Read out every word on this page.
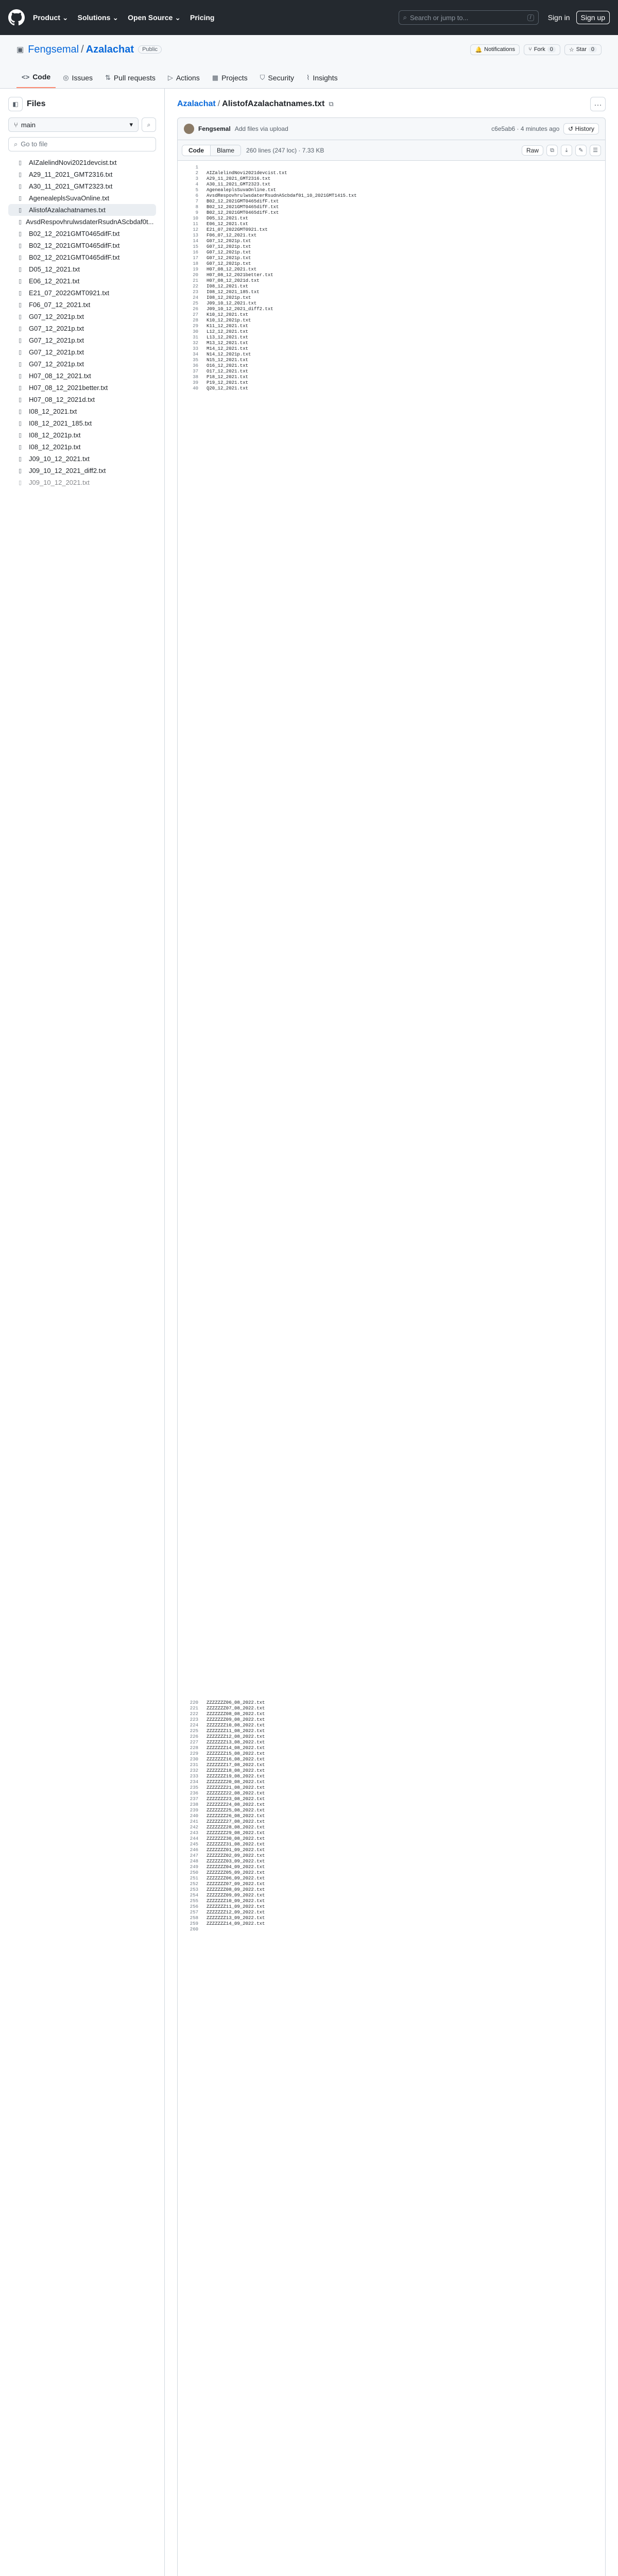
Product ⌄ Solutions ⌄ Open Source ⌄ Pricing	⌕ Search or jump to...	/	Sign in	Sign up
▣ Fengsemal / Azalachat	Public	🔔 Notifications ⑂ Fork 0	☆ Star 0
<> Code ◎ Issues ⇅ Pull requests ▷ Actions ▦ Projects ⛉ Security ⌇ Insights
◧	Files
⑂ main	▾	⌕
⌕ Go to file
▯	AIZalelindNovi2021devcist.txt
▯	A29_11_2021_GMT2316.txt
▯	A30_11_2021_GMT2323.txt
▯	AgenealeplsSuvaOnline.txt
▯	AlistofAzalachatnames.txt
▯ AvsdRespovhrulwsdaterRsudnAScbdaf0t...
▯	B02_12_2021GMT0465difF.txt
▯	B02_12_2021GMT0465difF.txt
▯	B02_12_2021GMT0465difF.txt
▯	D05_12_2021.txt
▯	E06_12_2021.txt
▯	E21_07_2022GMT0921.txt
▯	F06_07_12_2021.txt
▯	G07_12_2021p.txt
▯	G07_12_2021p.txt
▯	G07_12_2021p.txt
▯	G07_12_2021p.txt
▯	G07_12_2021p.txt
▯	H07_08_12_2021.txt
▯	H07_08_12_2021better.txt
▯	H07_08_12_2021d.txt
▯	I08_12_2021.txt
▯	I08_12_2021_185.txt
▯	I08_12_2021p.txt
▯	I08_12_2021p.txt
▯	J09_10_12_2021.txt
▯	J09_10_12_2021_diff2.txt
▯	J09_10_12_2021.txt
Azalachat / AlistofAzalachatnames.txt ⧉	…
Fengsemal Add files via upload	c6e5ab6 · 4 minutes ago	↺ History
Code	Blame	260 lines (247 loc) · 7.33 KB	Raw	⧉	⤓	✎	☰
1
2	AIZalelindNovi2021devcist.txt
3	A29_11_2021_GMT2316.txt
4	A30_11_2021_GMT2323.txt
5	AgenealeplsSuvaOnline.txt
6	AvsdRespovhrulwsdaterRsudnAScbdaf01_10_2021GMT1415.txt
7	B02_12_2021GMT0465difF.txt
8	B02_12_2021GMT0465difF.txt
9	B02_12_2021GMT0465difF.txt
10	D05_12_2021.txt
11	E06_12_2021.txt
12	E21_07_2022GMT0921.txt
13	F06_07_12_2021.txt
14	G07_12_2021p.txt
15	G07_12_2021p.txt
16	G07_12_2021p.txt
17	G07_12_2021p.txt
18	G07_12_2021p.txt
19	H07_08_12_2021.txt
20	H07_08_12_2021better.txt
21	H07_08_12_2021d.txt
22	I08_12_2021.txt
23	I08_12_2021_185.txt
24	I08_12_2021p.txt
25	J09_10_12_2021.txt
26	J09_10_12_2021_diff2.txt
27	K10_12_2021.txt
28	K10_12_2021p.txt
29	K11_12_2021.txt
30	L12_12_2021.txt
31	L13_12_2021.txt
32	M13_12_2021.txt
33	M14_12_2021.txt
34	N14_12_2021p.txt
35	N15_12_2021.txt
36	O16_12_2021.txt
37	O17_12_2021.txt
38	P18_12_2021.txt
39	P19_12_2021.txt
40	Q20_12_2021.txt
220	ZZZZZZZ06_08_2022.txt
221	ZZZZZZZ07_08_2022.txt
222	ZZZZZZZ08_08_2022.txt
223	ZZZZZZZ09_08_2022.txt
224	ZZZZZZZ10_08_2022.txt
225	ZZZZZZZ11_08_2022.txt
226	ZZZZZZZ12_08_2022.txt
227	ZZZZZZZ13_08_2022.txt
228	ZZZZZZZ14_08_2022.txt
229	ZZZZZZZ15_08_2022.txt
230	ZZZZZZZ16_08_2022.txt
231	ZZZZZZZ17_08_2022.txt
232	ZZZZZZZ18_08_2022.txt
233	ZZZZZZZ19_08_2022.txt
234	ZZZZZZZ20_08_2022.txt
235	ZZZZZZZ21_08_2022.txt
236	ZZZZZZZ22_08_2022.txt
237	ZZZZZZZ23_08_2022.txt
238	ZZZZZZZ24_08_2022.txt
239	ZZZZZZZ25_08_2022.txt
240	ZZZZZZZ26_08_2022.txt
241	ZZZZZZZ27_08_2022.txt
242	ZZZZZZZ28_08_2022.txt
243	ZZZZZZZ29_08_2022.txt
244	ZZZZZZZ30_08_2022.txt
245	ZZZZZZZ31_08_2022.txt
246	ZZZZZZZ01_09_2022.txt
247	ZZZZZZZ02_09_2022.txt
248	ZZZZZZZ03_09_2022.txt
249	ZZZZZZZ04_09_2022.txt
250	ZZZZZZZ05_09_2022.txt
251	ZZZZZZZ06_09_2022.txt
252	ZZZZZZZ07_09_2022.txt
253	ZZZZZZZ08_09_2022.txt
254	ZZZZZZZ09_09_2022.txt
255	ZZZZZZZ10_09_2022.txt
256	ZZZZZZZ11_09_2022.txt
257	ZZZZZZZ12_09_2022.txt
258	ZZZZZZZ13_09_2022.txt
259	ZZZZZZZ14_09_2022.txt
260
